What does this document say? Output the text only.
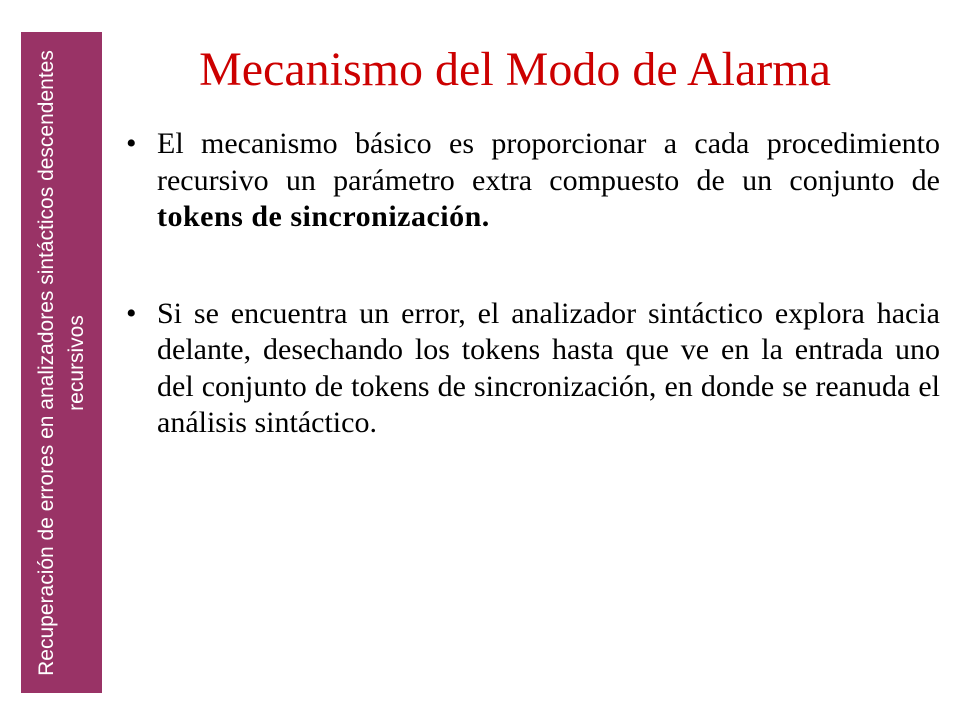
Recuperación de errores en analizadores sintácticos descendentes recursivos
Mecanismo del Modo de Alarma
• El mecanismo básico es proporcionar a cada procedimiento recursivo un parámetro extra compuesto de un conjunto de tokens de sincronización.
• Si se encuentra un error, el analizador sintáctico explora hacia delante, desechando los tokens hasta que ve en la entrada uno del conjunto de tokens de sincronización, en donde se reanuda el análisis sintáctico.
